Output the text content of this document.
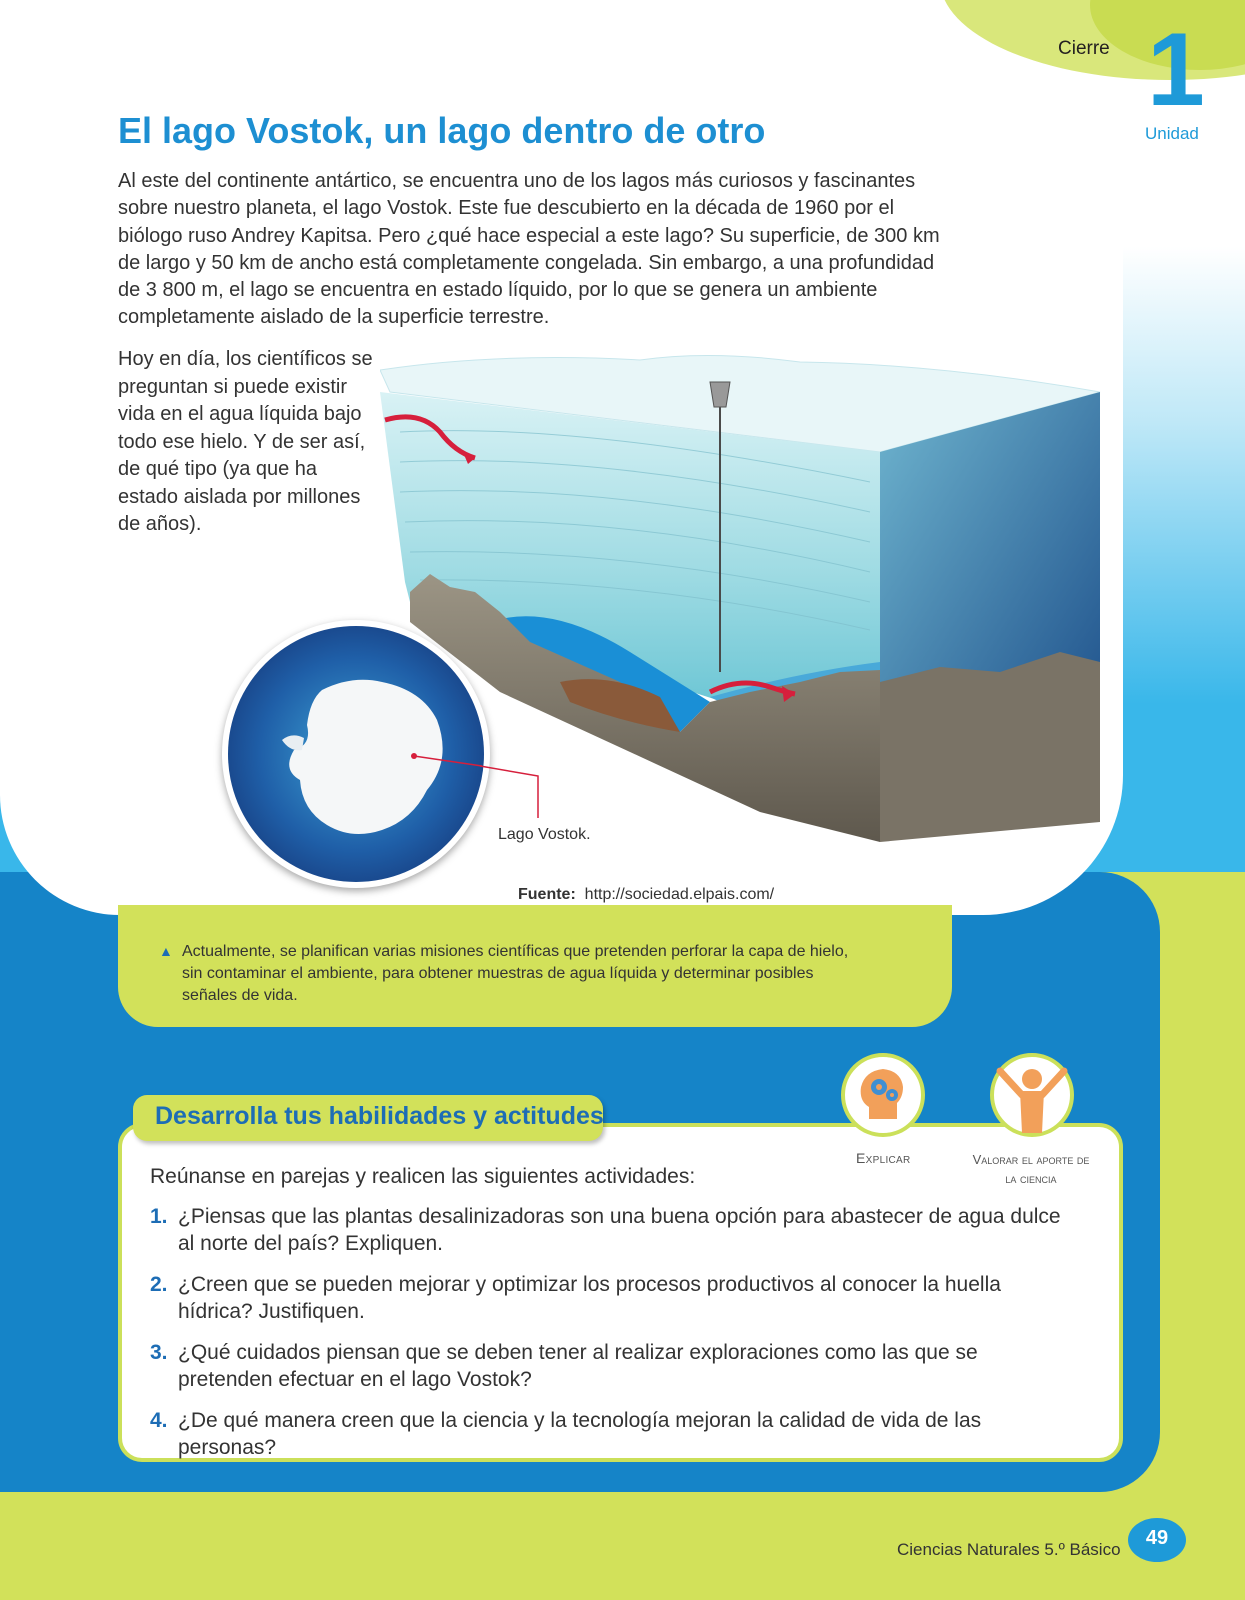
Cierre 1
Unidad
El lago Vostok, un lago dentro de otro
Al este del continente antártico, se encuentra uno de los lagos más curiosos y fascinantes sobre nuestro planeta, el lago Vostok. Este fue descubierto en la década de 1960 por el biólogo ruso Andrey Kapitsa. Pero ¿qué hace especial a este lago? Su superficie, de 300 km de largo y 50 km de ancho está completamente congelada. Sin embargo, a una profundidad de 3 800 m, el lago se encuentra en estado líquido, por lo que se genera un ambiente completamente aislado de la superficie terrestre.
Hoy en día, los científicos se preguntan si puede existir vida en el agua líquida bajo todo ese hielo. Y de ser así, de qué tipo (ya que ha estado aislada por millones de años).
Lago Vostok.
Fuente: http://sociedad.elpais.com/
▲ Actualmente, se planifican varias misiones científicas que pretenden perforar la capa de hielo, sin contaminar el ambiente, para obtener muestras de agua líquida y determinar posibles señales de vida.
Desarrolla tus habilidades y actitudes
Explicar	Valorar el aporte de la ciencia
Reúnanse en parejas y realicen las siguientes actividades:
1. ¿Piensas que las plantas desalinizadoras son una buena opción para abastecer de agua dulce al norte del país? Expliquen.
2. ¿Creen que se pueden mejorar y optimizar los procesos productivos al conocer la huella hídrica? Justifiquen.
3. ¿Qué cuidados piensan que se deben tener al realizar exploraciones como las que se pretenden efectuar en el lago Vostok?
4. ¿De qué manera creen que la ciencia y la tecnología mejoran la calidad de vida de las personas?
Ciencias Naturales 5.º Básico
49
